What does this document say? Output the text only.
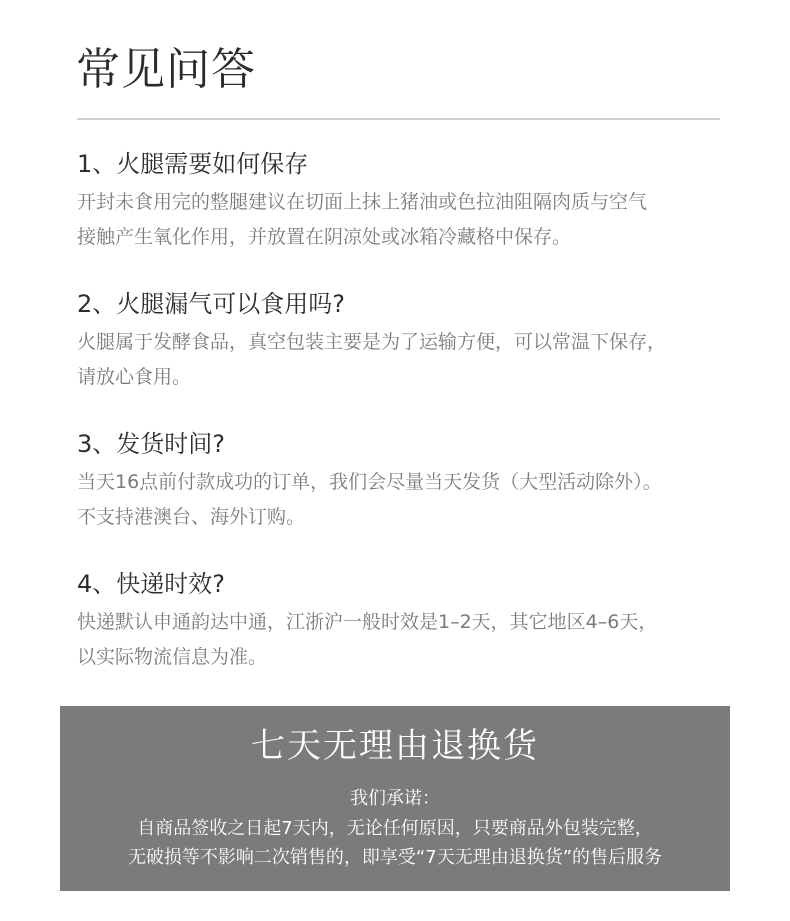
常见问答

1、火腿需要如何保存

开封未食用完的整腿建议在切面上抹上猪油或色拉油阻隔肉质与空气

接触产生氧化作用，并放置在阴凉处或冰箱冷藏格中保存。

2、火腿漏气可以食用吗?

火腿属于发酵食品，真空包装主要是为了运输方便，可以常温下保存，

请放心食用。

3、发货时间?

当天16点前付款成功的订单，我们会尽量当天发货（大型活动除外）。

不支持港澳台、海外订购。

4、快递时效?

快递默认申通韵达中通，江浙沪一般时效是1–2天，其它地区4–6天，

以实际物流信息为准。

七天无理由退换货
我们承诺：
自商品签收之日起7天内，无论任何原因，只要商品外包装完整，
无破损等不影响二次销售的，即享受“7天无理由退换货”的售后服务
